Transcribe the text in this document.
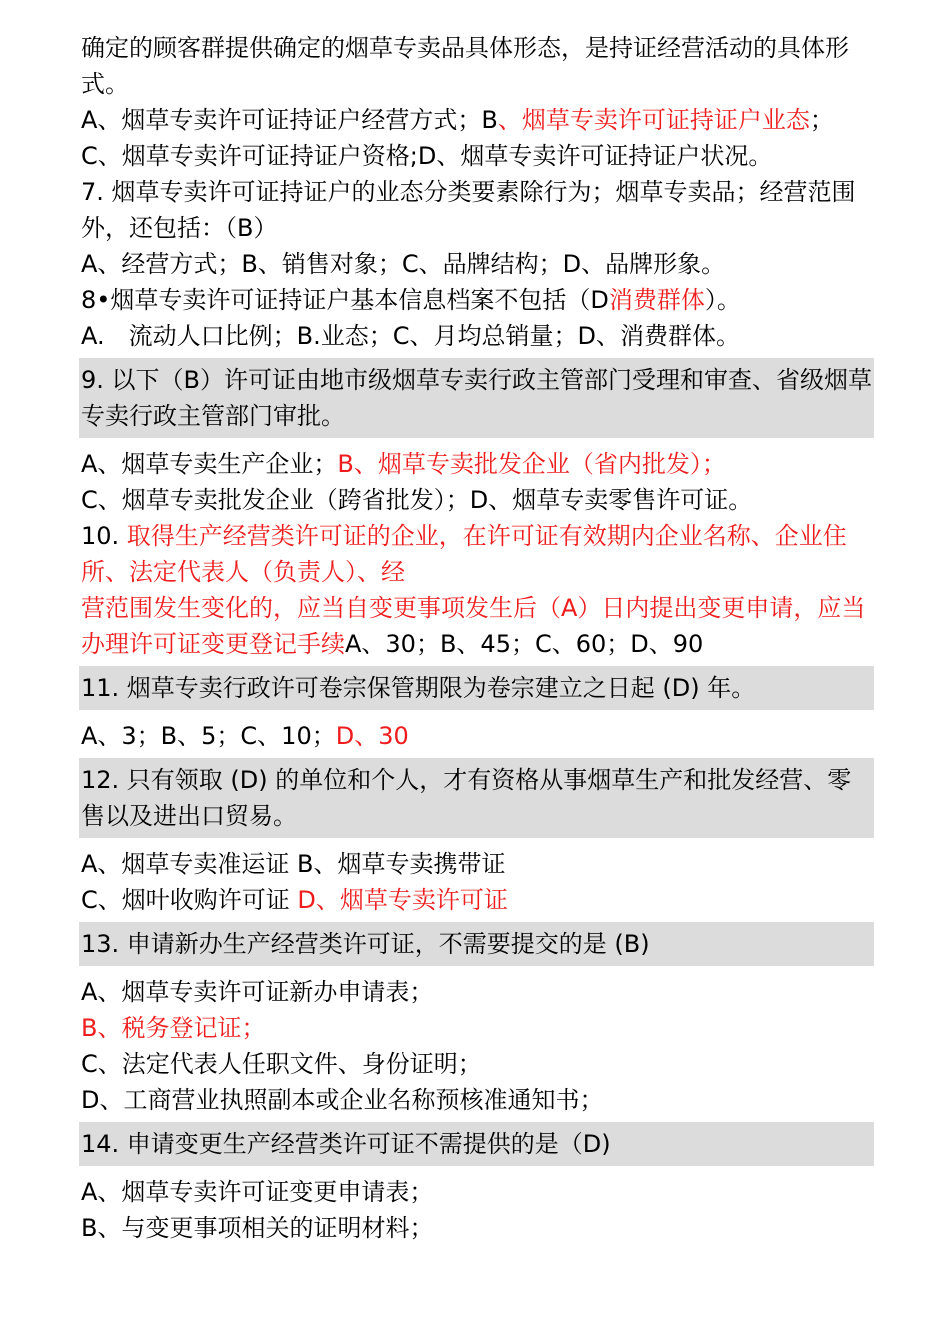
确定的顾客群提供确定的烟草专卖品具体形态，是持证经营活动的具体形式。
A、烟草专卖许可证持证户经营方式；B、烟草专卖许可证持证户业态；C、烟草专卖许可证持证户资格;D、烟草专卖许可证持证户状况。
7. 烟草专卖许可证持证户的业态分类要素除行为；烟草专卖品；经营范围外，还包括：（B）
A、经营方式；B、销售对象；C、品牌结构；D、品牌形象。
8•烟草专卖许可证持证户基本信息档案不包括（D消费群体）。
A.　流动人口比例；B.业态；C、月均总销量；D、消费群体。
9. 以下（B）许可证由地市级烟草专卖行政主管部门受理和审查、省级烟草专卖行政主管部门审批。
A、烟草专卖生产企业；B、烟草专卖批发企业（省内批发）；
C、烟草专卖批发企业（跨省批发）；D、烟草专卖零售许可证。
10. 取得生产经营类许可证的企业，在许可证有效期内企业名称、企业住所、法定代表人（负责人）、经
营范围发生变化的，应当自变更事项发生后（A）日内提出变更申请，应当办理许可证变更登记手续A、30；B、45；C、60；D、90
11. 烟草专卖行政许可卷宗保管期限为卷宗建立之日起 (D) 年。
A、3；B、5；C、10；D、30
12. 只有领取 (D) 的单位和个人，才有资格从事烟草生产和批发经营、零售以及进出口贸易。
A、烟草专卖准运证 B、烟草专卖携带证
C、烟叶收购许可证 D、烟草专卖许可证
13. 申请新办生产经营类许可证，不需要提交的是 (B)
A、烟草专卖许可证新办申请表；
B、税务登记证；
C、法定代表人任职文件、身份证明；
D、工商营业执照副本或企业名称预核准通知书；
14. 申请变更生产经营类许可证不需提供的是（D)
A、烟草专卖许可证变更申请表；
B、与变更事项相关的证明材料；
